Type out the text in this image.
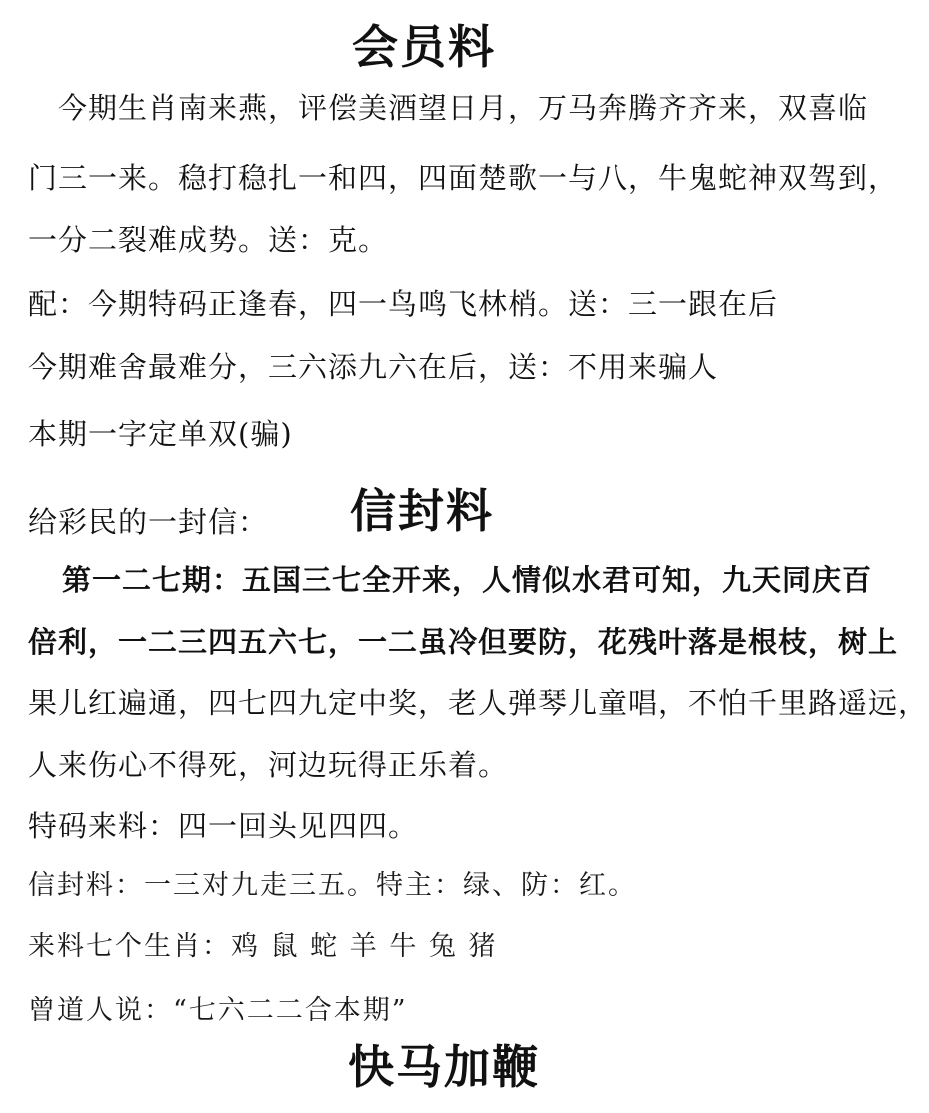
会员料
今期生肖南来燕，评偿美酒望日月，万马奔腾齐齐来，双喜临
门三一来。稳打稳扎一和四，四面楚歌一与八，牛鬼蛇神双驾到，
一分二裂难成势。送：克。
配：今期特码正逢春，四一鸟鸣飞林梢。送：三一跟在后
今期难舍最难分，三六添九六在后，送：不用来骗人
本期一字定单双(骗)
给彩民的一封信： 信封料
第一二七期：五国三七全开来，人情似水君可知，九天同庆百
倍利，一二三四五六七，一二虽冷但要防，花残叶落是根枝，树上
果儿红遍通，四七四九定中奖，老人弹琴儿童唱，不怕千里路遥远，
人来伤心不得死，河边玩得正乐着。
特码来料：四一回头见四四。
信封料：一三对九走三五。特主：绿、防：红。
来料七个生肖：鸡 鼠 蛇 羊 牛 兔 猪
曾道人说：“七六二二合本期”
快马加鞭
